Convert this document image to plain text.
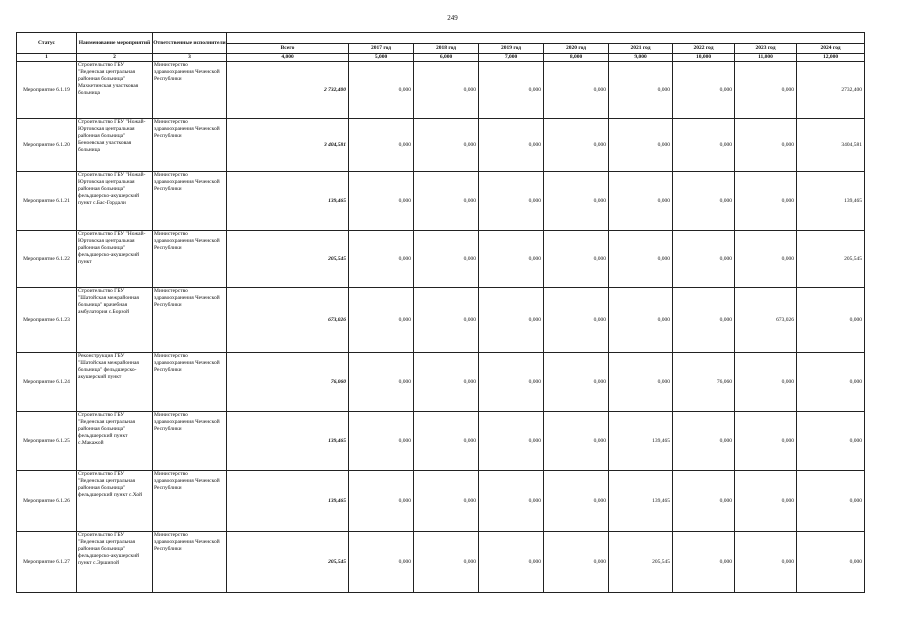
249
Статус	Наименование мероприятий	Ответственные исполнители									
			Всего	2017 год	2018 год	2019 год	2020 год	2021 год	2022 год	2023 год	2024 год
1	2	3	4,000	5,000	6,000	7,000	8,000	9,000	10,000	11,000	12,000
Мероприятие 6.1.19	Строительство ГБУ "Веденская центральная районная больница" Махкетинская участковая больница	Министерство здравоохранения Чеченской Республики	2 732,400	0,000	0,000	0,000	0,000	0,000	0,000	0,000	2732,400
Мероприятие 6.1.20	Строительство ГБУ "Ножай-Юртовская центральная районная больница" Беноевская участковая больница	Министерство здравоохранения Чеченской Республики	3 404,581	0,000	0,000	0,000	0,000	0,000	0,000	0,000	3404,581
Мероприятие 6.1.21	Строительство ГБУ "Ножай-Юртовская центральная районная больница" фельдшерско-акушерский пункт с.Бас-Гордали	Министерство здравоохранения Чеченской Республики	139,465	0,000	0,000	0,000	0,000	0,000	0,000	0,000	139,465
Мероприятие 6.1.22	Строительство ГБУ "Ножай-Юртовская центральная районная больница" фельдшерско-акушерский пункт	Министерство здравоохранения Чеченской Республики	205,545	0,000	0,000	0,000	0,000	0,000	0,000	0,000	205,545
Мероприятие 6.1.23	Строительство ГБУ "Шатойская межрайонная больница" врачебная амбулатория с.Борзой	Министерство здравоохранения Чеченской Республики	673,026	0,000	0,000	0,000	0,000	0,000	0,000	673,026	0,000
Мероприятие 6.1.24	Реконструкция ГБУ "Шатойская межрайонная больница" фельдшерско-акушерский пункт	Министерство здравоохранения Чеченской Республики	76,060	0,000	0,000	0,000	0,000	0,000	76,060	0,000	0,000
Мероприятие 6.1.25	Строительство ГБУ "Веденская центральная районная больница" фельдшерский пункт с.Макажой	Министерство здравоохранения Чеченской Республики	139,465	0,000	0,000	0,000	0,000	139,465	0,000	0,000	0,000
Мероприятие 6.1.26	Строительство ГБУ "Веденская центральная районная больница" фельдшерский пункт с.Хой	Министерство здравоохранения Чеченской Республики	139,465	0,000	0,000	0,000	0,000	139,465	0,000	0,000	0,000
Мероприятие 6.1.27	Строительство ГБУ "Веденская центральная районная больница" фельдшерско-акушерский пункт с.Эршипой	Министерство здравоохранения Чеченской Республики	205,545	0,000	0,000	0,000	0,000	205,545	0,000	0,000	0,000
